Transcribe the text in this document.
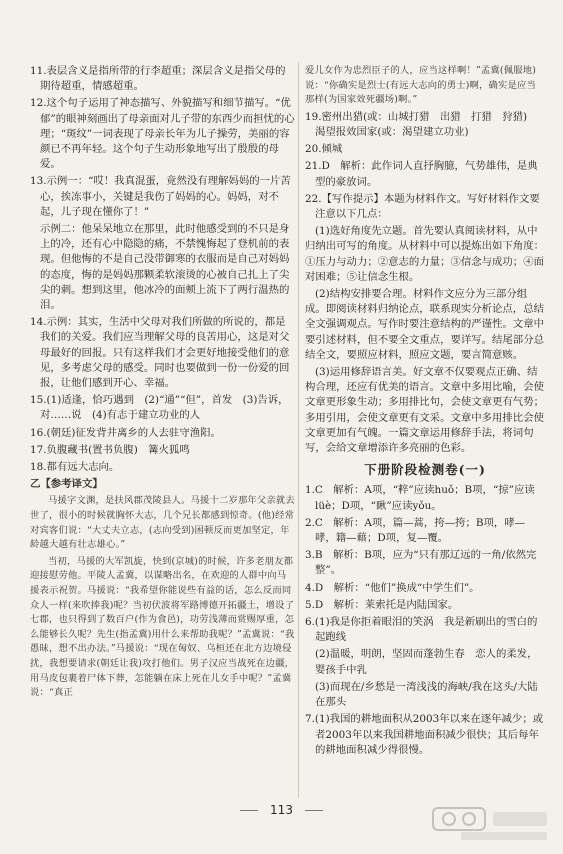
11.表层含义是指所带的行李超重；深层含义是指父母的期待超重，情感超重。

12.这个句子运用了神态描写、外貌描写和细节描写。“优郁”的眼神刻画出了母亲面对儿子带的东西少而担忧的心理；“斑纹”一词表现了母亲长年为儿子操劳，美丽的容颜已不再年轻。这个句子生动形象地写出了殷殷的母爱。

13.示例一：“哎！我真混蛋，竟然没有理解妈妈的一片苦心，挨冻事小，关键是我伤了妈妈的心。妈妈，对不起，儿子现在懂你了！”

示例二：他呆呆地立在那里，此时他感受到的不只是身上的冷，还有心中隐隐的痛，不禁愧悔起了登机前的表现。但他悔的不是自己没带御寒的衣服而是自己对妈妈的态度，悔的是妈妈那颗柔软滚烫的心被自己扎上了尖尖的刺。想到这里，他冰冷的面颊上流下了两行温热的泪。

14.示例：其实，生活中父母对我们所做的所说的，都是我们的关爱。我们应当理解父母的良苦用心，这是对父母最好的回报。只有这样我们才会更好地接受他们的意见，多考虑父母的感受。同时也要做到一份一份爱的回报，让他们感到开心、幸福。

15.(1)适逢，恰巧遇到　(2)“通”“但”，首发　(3)告诉，对……说　(4)有志于建立功业的人

16.(朝廷)征发背井离乡的人去驻守渔阳。

17.负腹藏书(置书负腹)　篝火狐鸣

18.都有远大志向。

乙【参考译文】

马援字文渊，是扶风郡茂陵县人。马援十二岁那年父亲就去世了，很小的时候就胸怀大志，几个兄长都感到惊奇。(他)经常对宾客们说：“大丈夫立志，(志向受到)困顿反而更加坚定，年龄越大越有壮志雄心。”

当初，马援的大军凯旋，快到(京城)的时候，许多老朋友都迎接慰劳他。平陵人孟冀，以谋略出名，在欢迎的人群中向马援表示祝贺。马援说：“我希望你能说些有益的话，怎么反而同众人一样(来吹捧我)呢？当初伏波将军路博德开拓疆土，增设了七郡，也只得到了数百户(作为食邑)，功劳浅薄而赏赐厚重，怎么能够长久呢？先生(指孟冀)用什么来帮助我呢？”孟冀说：“我愚昧，想不出办法。”马援说：“现在匈奴、乌桓还在北方边境侵扰，我想要请求(朝廷让我)攻打他们。男子汉应当战死在边疆，用马皮包裹着尸体下葬，怎能躺在床上死在儿女手中呢？”孟冀说：“真正

爱儿女作为忠烈臣子的人，应当这样啊！”孟冀(佩服地)说：“你确实是烈士(有远大志向的勇士)啊，确实是应当那样(为国家效死疆场)啊。”

19.密州出猎(或：山城打猎　出猎　打猎　狩猎)　渴望报效国家(或：渴望建立功业)

20.倾城

21.D　解析：此作词人直抒胸臆，气势雄伟，是典型的豪放词。

22.【写作提示】本题为材料作文。写好材料作文要注意以下几点：

(1)选好角度先立题。首先要认真阅读材料，从中归纳出可写的角度。从材料中可以提炼出如下角度：①压力与动力；②意志的力量；③信念与成功；④面对困难；⑤让信念生根。

(2)结构安排要合理。材料作文应分为三部分组成。即阅读材料归纳论点，联系现实分析论点，总结全文强调观点。写作时要注意结构的严谨性。文章中要引述材料，但不要全文重点，要详写。结尾部分总结全文，要照应材料，照应文题，要言简意赅。

(3)运用修辞语言美。好文章不仅要观点正确、结构合理，还应有优美的语言。文章中多用比喻，会使文章更形象生动；多用排比句，会使文章更有气势；多用引用，会使文章更有文采。文章中多用排比会使文章更加有气魄。一篇文章运用修辞手法，将词句写，会给文章增添许多亮丽的色彩。

下册阶段检测卷(一)

1.C　解析：A项，“粹”应读huǒ；B项，“掠”应读lüè；D项，“瞅”应读yǒu。

2.C　解析：A项，篇—蒿，挎—挎；B项，哮—哮，籍—藉；D项，复—覆。

3.B　解析：B项，应为“只有那辽远的一角/依然完整”。

4.D　解析：“他们”换成“中学生们”。

5.D　解析：莱索托是内陆国家。

6.(1)我是你拒着眼泪的笑涡　我是新刷出的雪白的起跑线

(2)温暖，明朗，坚固而蓬勃生春　恋人的柔发，婴孩手中乳

(3)而现在/乡愁是一湾浅浅的海峡/我在这头/大陆在那头

7.(1)我国的耕地面积从2003年以来在逐年减少；或者2003年以来我国耕地面积减少很快；其后每年的耕地面积减少得很慢。

113
